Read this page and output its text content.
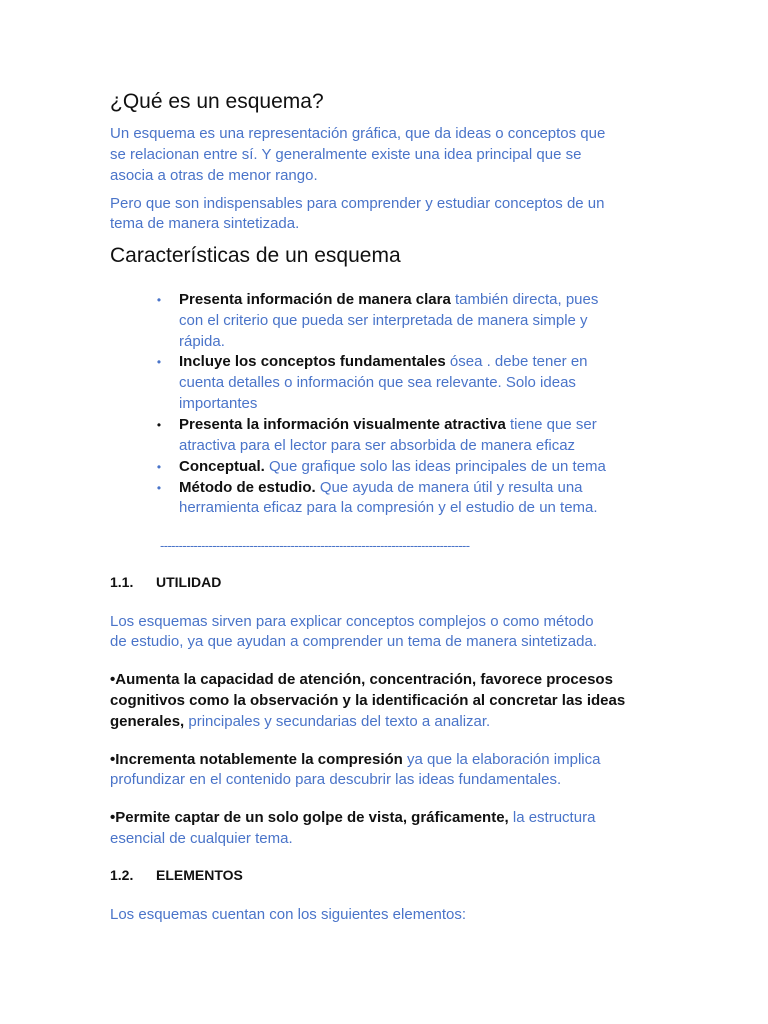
¿Qué es un esquema?
Un esquema es una representación gráfica, que da ideas o conceptos que
se relacionan entre sí. Y generalmente existe una idea principal que se
asocia a otras de menor rango.
Pero que son indispensables para comprender y estudiar conceptos de un
tema de manera sintetizada.
Características de un esquema
• Presenta información de manera clara también directa, pues
con el criterio que pueda ser interpretada de manera simple y
rápida.
• Incluye los conceptos fundamentales ósea . debe tener en
cuenta detalles o información que sea relevante. Solo ideas
importantes
• Presenta la información visualmente atractiva tiene que ser
atractiva para el lector para ser absorbida de manera eficaz
• Conceptual. Que grafique solo las ideas principales de un tema
• Método de estudio. Que ayuda de manera útil y resulta una
herramienta eficaz para la compresión y el estudio de un tema.
-----------------------------------------------------------------------------------
1.1. UTILIDAD
Los esquemas sirven para explicar conceptos complejos o como método
de estudio, ya que ayudan a comprender un tema de manera sintetizada.
•Aumenta la capacidad de atención, concentración, favorece procesos
cognitivos como la observación y la identificación al concretar las ideas
generales, principales y secundarias del texto a analizar.
•Incrementa notablemente la compresión ya que la elaboración implica
profundizar en el contenido para descubrir las ideas fundamentales.
•Permite captar de un solo golpe de vista, gráficamente, la estructura
esencial de cualquier tema.
1.2. ELEMENTOS
Los esquemas cuentan con los siguientes elementos:
